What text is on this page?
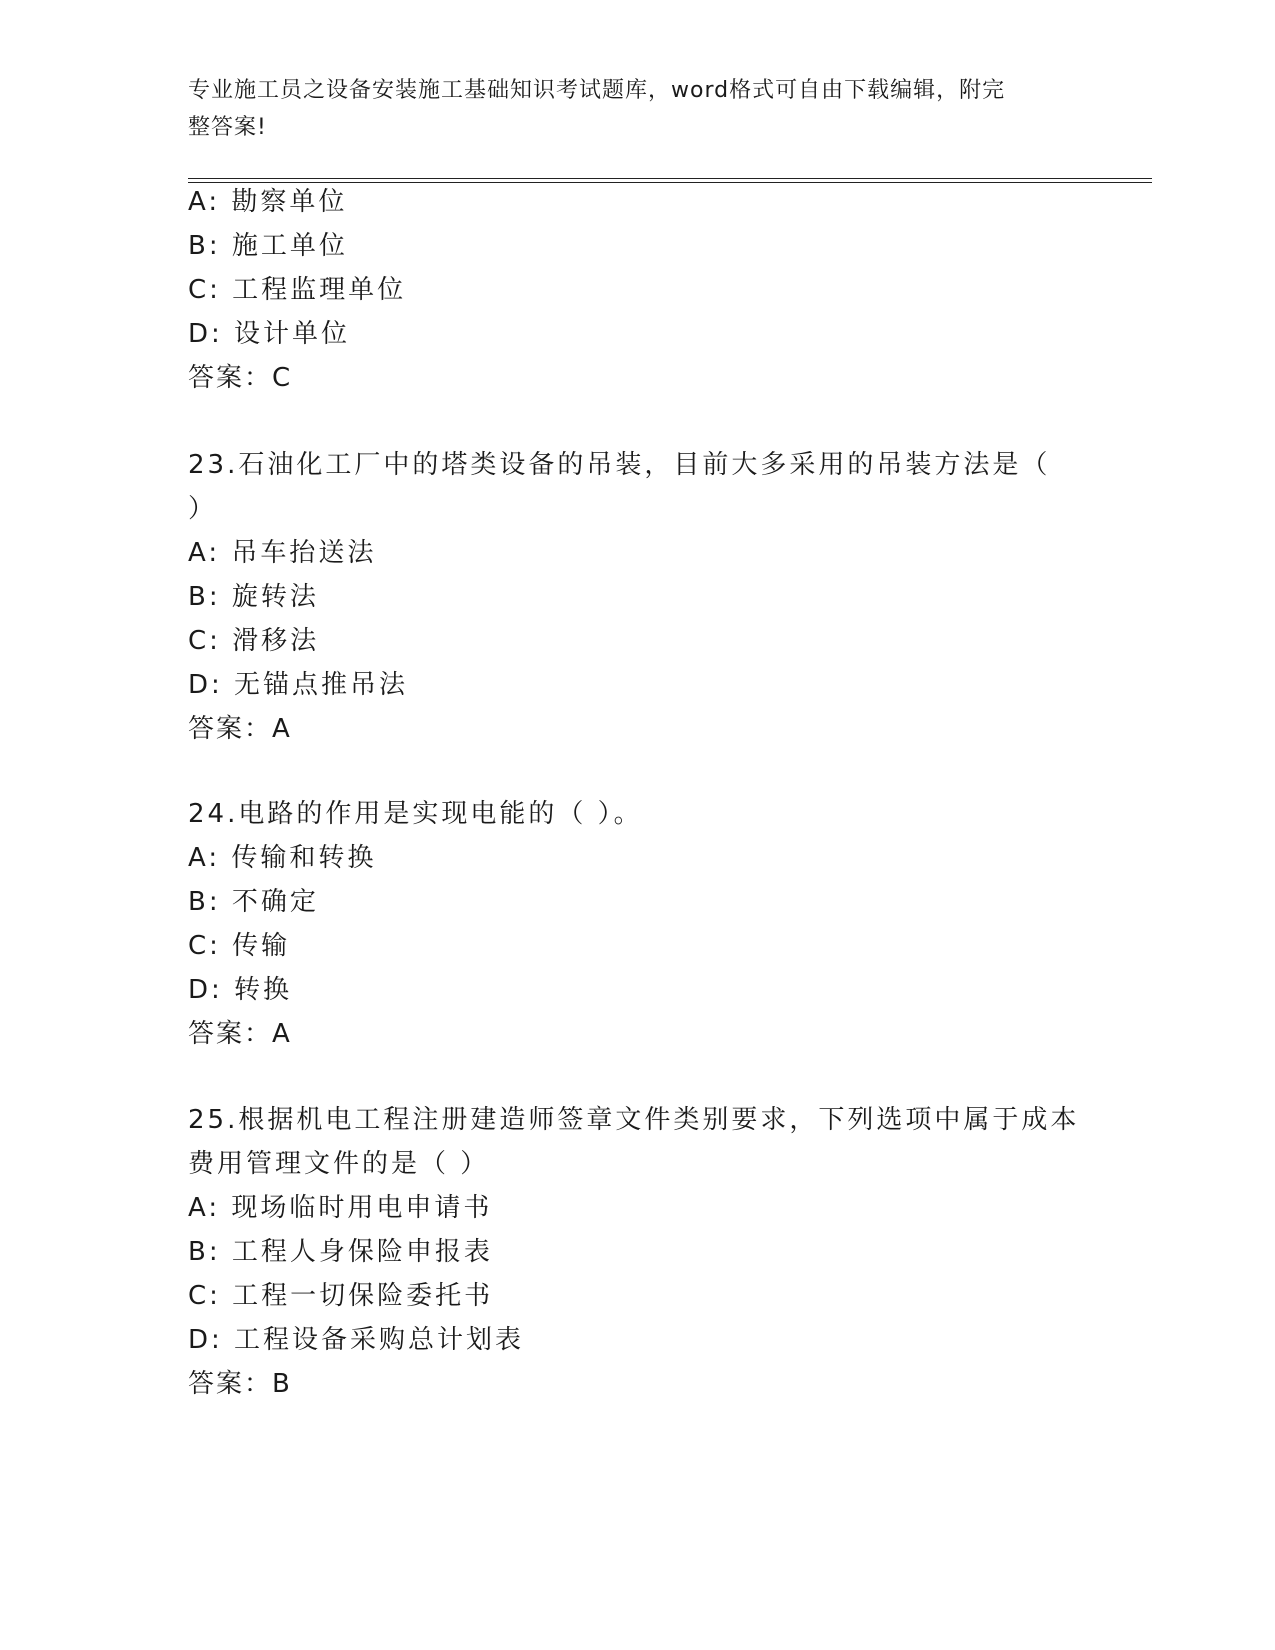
专业施工员之设备安装施工基础知识考试题库，word格式可自由下载编辑，附完
整答案!
A: 勘察单位
B: 施工单位
C: 工程监理单位
D: 设计单位
答案：C
23.石油化工厂中的塔类设备的吊装，目前大多采用的吊装方法是（
）
A: 吊车抬送法
B: 旋转法
C: 滑移法
D: 无锚点推吊法
答案：A
24.电路的作用是实现电能的（ ）。
A: 传输和转换
B: 不确定
C: 传输
D: 转换
答案：A
25.根据机电工程注册建造师签章文件类别要求，下列选项中属于成本
费用管理文件的是（ ）
A: 现场临时用电申请书
B: 工程人身保险申报表
C: 工程一切保险委托书
D: 工程设备采购总计划表
答案：B
